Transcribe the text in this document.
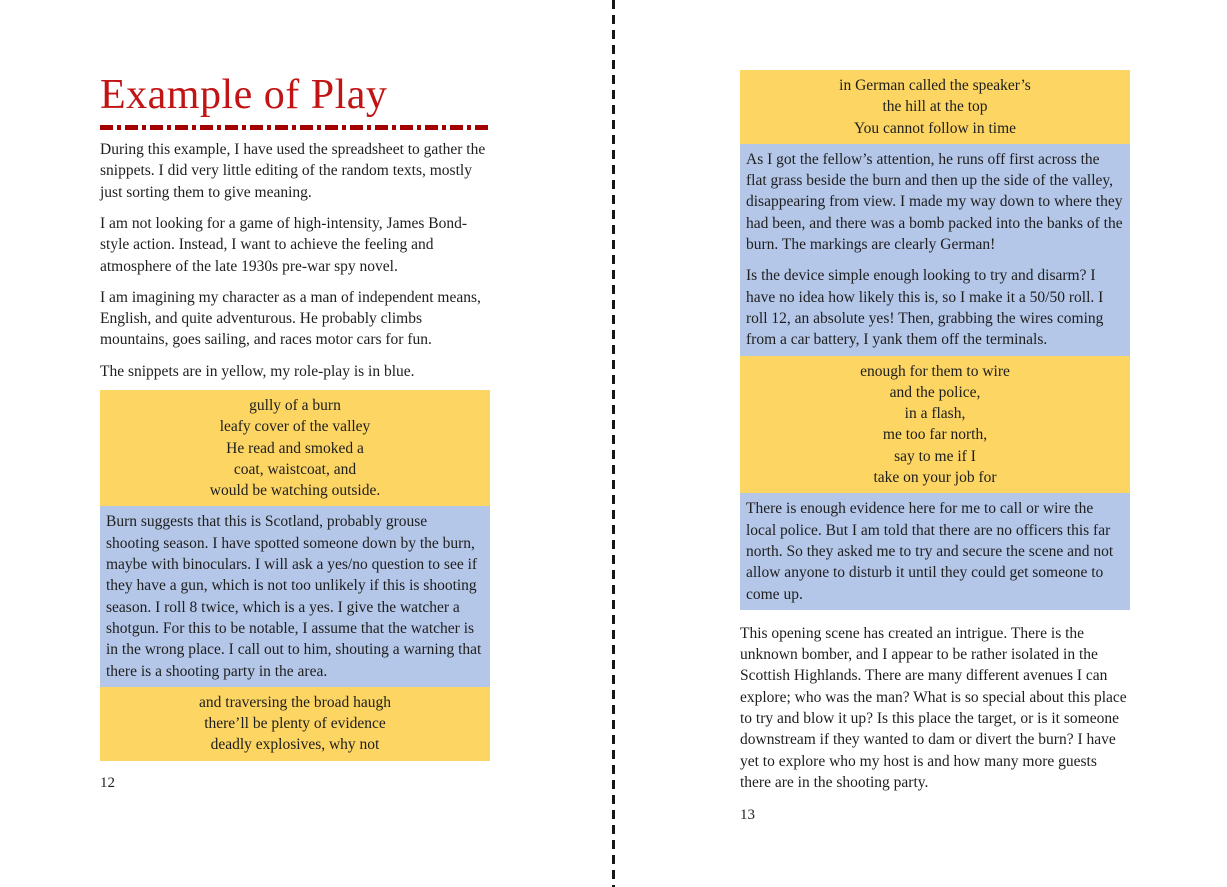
Example of Play

During this example, I have used the spreadsheet to gather the snippets. I did very little editing of the random texts, mostly just sorting them to give meaning.

I am not looking for a game of high-intensity, James Bond-style action. Instead, I want to achieve the feeling and atmosphere of the late 1930s pre-war spy novel.

I am imagining my character as a man of independent means, English, and quite adventurous. He probably climbs mountains, goes sailing, and races motor cars for fun.

The snippets are in yellow, my role-play is in blue.

gully of a burn
leafy cover of the valley
He read and smoked a
coat, waistcoat, and
would be watching outside.
Burn suggests that this is Scotland, probably grouse shooting season. I have spotted someone down by the burn, maybe with binoculars. I will ask a yes/no question to see if they have a gun, which is not too unlikely if this is shooting season. I roll 8 twice, which is a yes. I give the watcher a shotgun. For this to be notable, I assume that the watcher is in the wrong place. I call out to him, shouting a warning that there is a shooting party in the area.
and traversing the broad haugh
there’ll be plenty of evidence
deadly explosives, why not
12
in German called the speaker’s
the hill at the top
You cannot follow in time
As I got the fellow’s attention, he runs off first across the flat grass beside the burn and then up the side of the valley, disappearing from view. I made my way down to where they had been, and there was a bomb packed into the banks of the burn. The markings are clearly German!
Is the device simple enough looking to try and disarm? I have no idea how likely this is, so I make it a 50/50 roll. I roll 12, an absolute yes! Then, grabbing the wires coming from a car battery, I yank them off the terminals.
enough for them to wire
and the police,
in a flash,
me too far north,
say to me if I
take on your job for
There is enough evidence here for me to call or wire the local police. But I am told that there are no officers this far north. So they asked me to try and secure the scene and not allow anyone to disturb it until they could get someone to come up.

This opening scene has created an intrigue. There is the unknown bomber, and I appear to be rather isolated in the Scottish Highlands. There are many different avenues I can explore; who was the man? What is so special about this place to try and blow it up? Is this place the target, or is it someone downstream if they wanted to dam or divert the burn? I have yet to explore who my host is and how many more guests there are in the shooting party.

13
